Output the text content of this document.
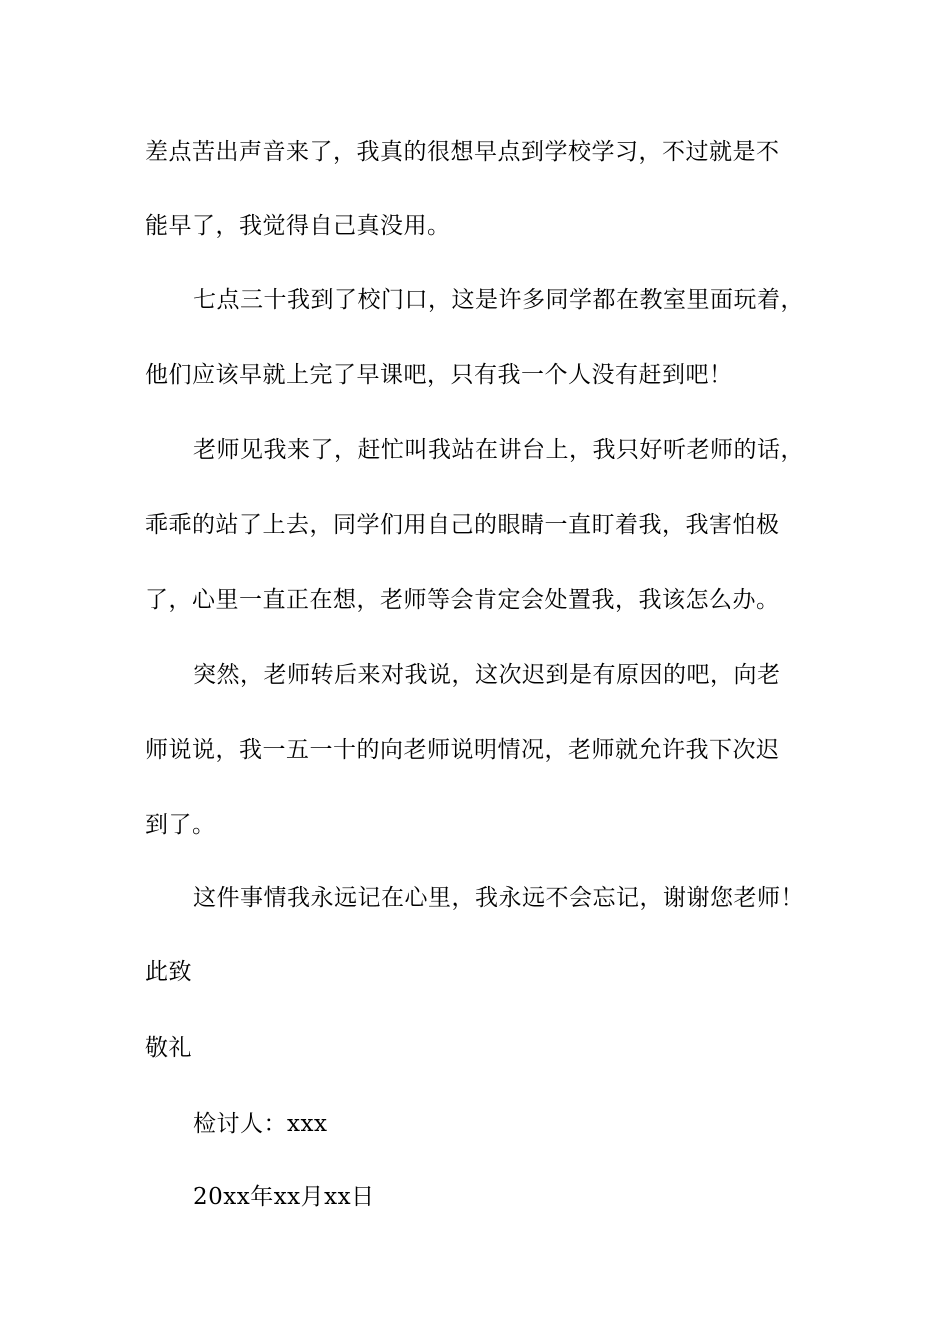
差点苦出声音来了，我真的很想早点到学校学习，不过就是不
能早了，我觉得自己真没用。
七点三十我到了校门口，这是许多同学都在教室里面玩着，
他们应该早就上完了早课吧，只有我一个人没有赶到吧！
老师见我来了，赶忙叫我站在讲台上，我只好听老师的话，
乖乖的站了上去，同学们用自己的眼睛一直盯着我，我害怕极
了，心里一直正在想，老师等会肯定会处置我，我该怎么办。
突然，老师转后来对我说，这次迟到是有原因的吧，向老
师说说，我一五一十的向老师说明情况，老师就允许我下次迟
到了。
这件事情我永远记在心里，我永远不会忘记，谢谢您老师！
此致
敬礼
检讨人：xxx
20xx年xx月xx日
